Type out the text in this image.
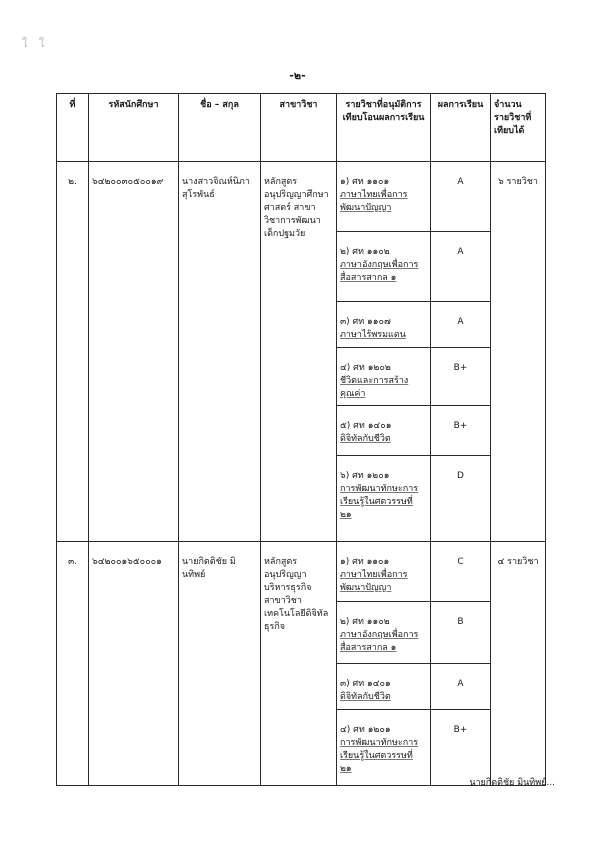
ใ ใ
-๒-
ที่	รหัสนักศึกษา	ชื่อ – สกุล	สาขาวิชา	รายวิชาที่อนุมัติการเทียบโอนผลการเรียน	ผลการเรียน	จำนวนรายวิชาที่เทียบได้

๒.	๖๔๒๐๐๓๐๕๐๐๑๙	นางสาวจิณห์นิภา สุโรพันธ์	หลักสูตรอนุปริญญาศึกษาศาสตร์ สาขาวิชาการพัฒนาเด็กปฐมวัย	๑) ศท ๑๑๐๑
ภาษาไทยเพื่อการพัฒนาปัญญา	A	๖ รายวิชา

				๒) ศท ๑๑๐๒
ภาษาอังกฤษเพื่อการสื่อสารสากล ๑	A	

				๓) ศท ๑๑๐๗
ภาษาไร้พรมแดน	A	

				๔) ศท ๑๒๐๒
ชีวิตและการสร้างคุณค่า	B+	

				๕) ศท ๑๔๐๑
ดิจิทัลกับชีวิต	B+	

				๖) ศท ๑๒๐๑
การพัฒนาทักษะการเรียนรู้ในศตวรรษที่ ๒๑	D	

๓.	๖๔๒๐๐๑๖๕๐๐๐๑	นายกิตติชัย มินทิพย์	หลักสูตรอนุปริญญาบริหารธุรกิจ สาขาวิชาเทคโนโลยีดิจิทัลธุรกิจ	๑) ศท ๑๑๐๑
ภาษาไทยเพื่อการพัฒนาปัญญา	C	๔ รายวิชา

				๒) ศท ๑๑๐๒
ภาษาอังกฤษเพื่อการสื่อสารสากล ๑	B	

				๓) ศท ๑๔๐๑
ดิจิทัลกับชีวิต	A	

				๔) ศท ๑๒๐๑
การพัฒนาทักษะการเรียนรู้ในศตวรรษที่ ๒๑	B+	
นายกิตติชัย มินทิพย์...
